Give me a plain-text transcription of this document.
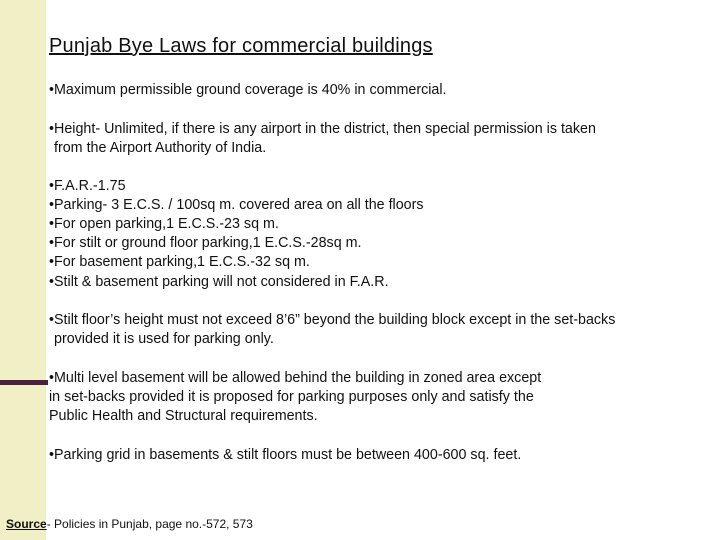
Punjab Bye Laws for commercial buildings
•Maximum permissible ground coverage is 40% in commercial.
•Height- Unlimited, if there is any airport in the district, then special permission is taken
from the Airport Authority of India.
•F.A.R.-1.75
•Parking- 3 E.C.S. / 100sq m. covered area on all the floors
•For open parking,1 E.C.S.-23 sq m.
•For stilt or ground floor parking,1 E.C.S.-28sq m.
•For basement parking,1 E.C.S.-32 sq m.
•Stilt & basement parking will not considered in F.A.R.
•Stilt floor’s height must not exceed 8’6” beyond the building block except in the set-backs
provided it is used for parking only.
•Multi level basement will be allowed behind the building in zoned area except
in set-backs provided it is proposed for parking purposes only and satisfy the
Public Health and Structural requirements.
•Parking grid in basements & stilt floors must be between 400-600 sq. feet.
Source- Policies in Punjab, page no.-572, 573
